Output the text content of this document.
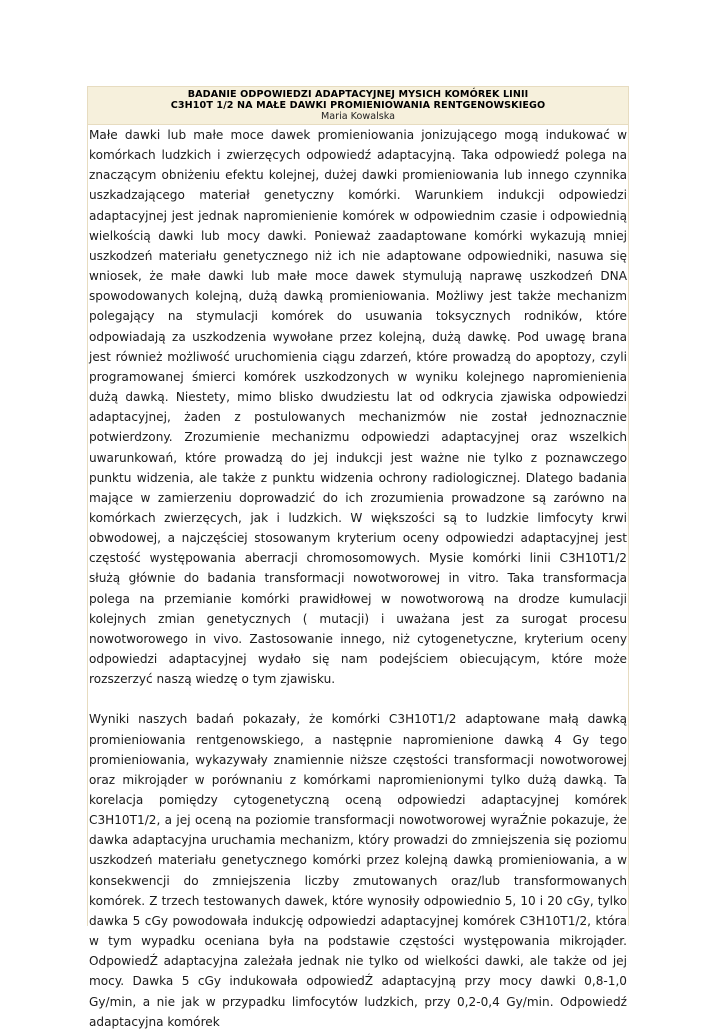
BADANIE ODPOWIEDZI ADAPTACYJNEJ MYSICH KOMÓREK LINII
C3H10T 1/2 NA MAŁE DAWKI PROMIENIOWANIA RENTGENOWSKIEGO
Maria Kowalska

Małe dawki lub małe moce dawek promieniowania jonizującego mogą indukować w komórkach ludzkich i zwierzęcych odpowiedź adaptacyjną. Taka odpowiedź polega na znaczącym obniżeniu efektu kolejnej, dużej dawki promieniowania lub innego czynnika uszkadzającego materiał genetyczny komórki. Warunkiem indukcji odpowiedzi adaptacyjnej jest jednak napromienienie komórek w odpowiednim czasie i odpowiednią wielkością dawki lub mocy dawki. Ponieważ zaadaptowane komórki wykazują mniej uszkodzeń materiału genetycznego niż ich nie adaptowane odpowiedniki, nasuwa się wniosek, że małe dawki lub małe moce dawek stymulują naprawę uszkodzeń DNA spowodowanych kolejną, dużą dawką promieniowania. Możliwy jest także mechanizm polegający na stymulacji komórek do usuwania toksycznych rodników, które odpowiadają za uszkodzenia wywołane przez kolejną, dużą dawkę. Pod uwagę brana jest również możliwość uruchomienia ciągu zdarzeń, które prowadzą do apoptozy, czyli programowanej śmierci komórek uszkodzonych w wyniku kolejnego napromienienia dużą dawką. Niestety, mimo blisko dwudziestu lat od odkrycia zjawiska odpowiedzi adaptacyjnej, żaden z postulowanych mechanizmów nie został jednoznacznie potwierdzony. Zrozumienie mechanizmu odpowiedzi adaptacyjnej oraz wszelkich uwarunkowań, które prowadzą do jej indukcji jest ważne nie tylko z poznawczego punktu widzenia, ale także z punktu widzenia ochrony radiologicznej. Dlatego badania mające w zamierzeniu doprowadzić do ich zrozumienia prowadzone są zarówno na komórkach zwierzęcych, jak i ludzkich. W większości są to ludzkie limfocyty krwi obwodowej, a najczęściej stosowanym kryterium oceny odpowiedzi adaptacyjnej jest częstość występowania aberracji chromosomowych. Mysie komórki linii C3H10T1/2 służą głównie do badania transformacji nowotworowej in vitro. Taka transformacja polega na przemianie komórki prawidłowej w nowotworową na drodze kumulacji kolejnych zmian genetycznych ( mutacji) i uważana jest za surogat procesu nowotworowego in vivo. Zastosowanie innego, niż cytogenetyczne, kryterium oceny odpowiedzi adaptacyjnej wydało się nam podejściem obiecującym, które może rozszerzyć naszą wiedzę o tym zjawisku.

Wyniki naszych badań pokazały, że komórki C3H10T1/2 adaptowane małą dawką promieniowania rentgenowskiego, a następnie napromienione dawką 4 Gy tego promieniowania, wykazywały znamiennie niższe częstości transformacji nowotworowej oraz mikrojąder w porównaniu z komórkami napromienionymi tylko dużą dawką. Ta korelacja pomiędzy cytogenetyczną oceną odpowiedzi adaptacyjnej komórek C3H10T1/2, a jej oceną na poziomie transformacji nowotworowej wyraŹnie pokazuje, że dawka adaptacyjna uruchamia mechanizm, który prowadzi do zmniejszenia się poziomu uszkodzeń materiału genetycznego komórki przez kolejną dawką promieniowania, a w konsekwencji do zmniejszenia liczby zmutowanych oraz/lub transformowanych komórek. Z trzech testowanych dawek, które wynosiły odpowiednio 5, 10 i 20 cGy, tylko dawka 5 cGy powodowała indukcję odpowiedzi adaptacyjnej komórek C3H10T1/2, która w tym wypadku oceniana była na podstawie częstości występowania mikrojąder. OdpowiedŹ adaptacyjna zależała jednak nie tylko od wielkości dawki, ale także od jej mocy. Dawka 5 cGy indukowała odpowiedŹ adaptacyjną przy mocy dawki 0,8-1,0 Gy/min, a nie jak w przypadku limfocytów ludzkich, przy 0,2-0,4 Gy/min. Odpowiedź adaptacyjna komórek
